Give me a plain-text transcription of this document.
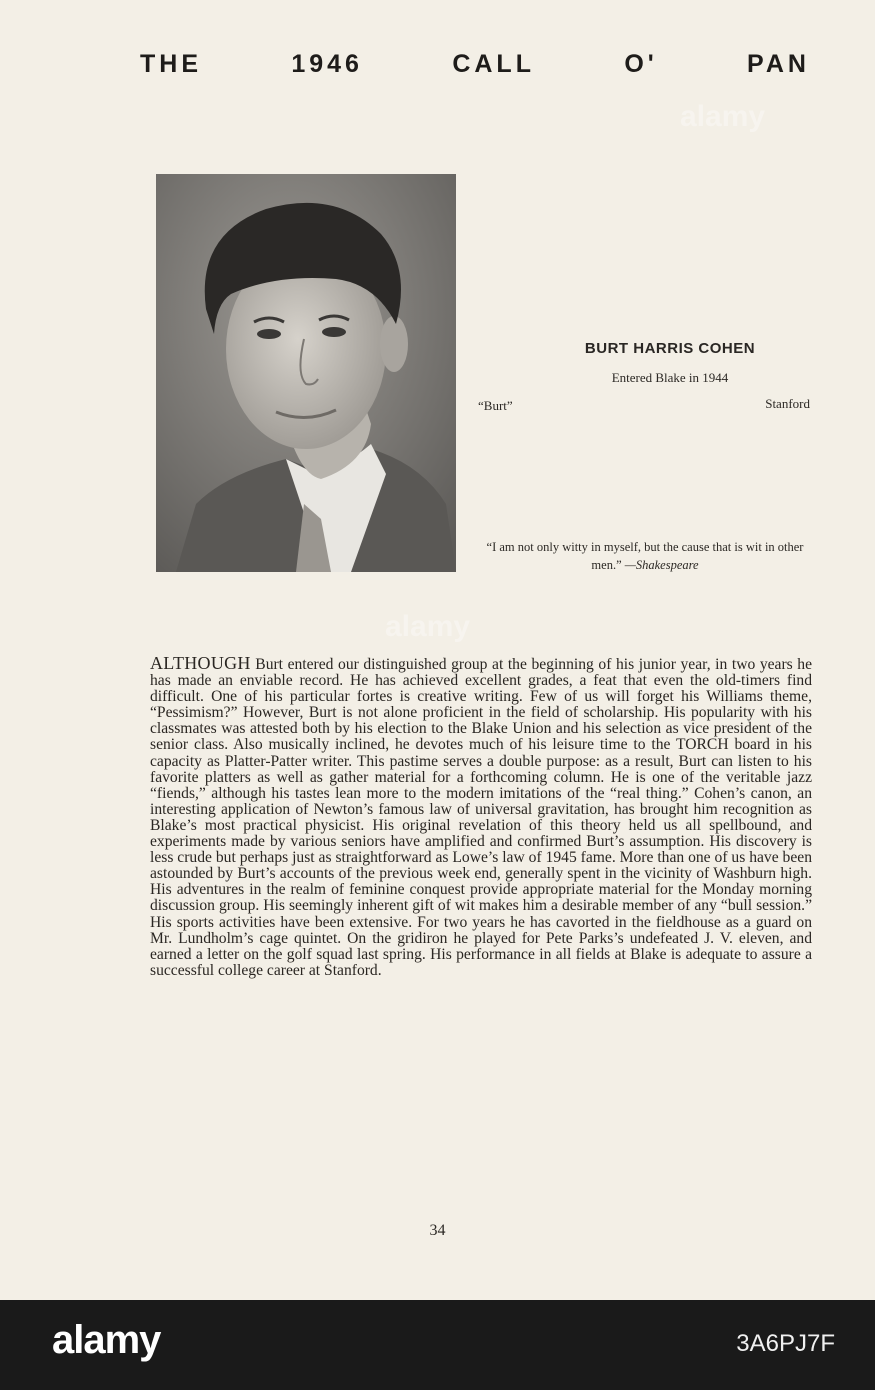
THE	1946	CALL	O'	PAN
BURT HARRIS COHEN
Entered Blake in 1944
“Burt”	Stanford
“I am not only witty in myself, but the cause that is wit in other men.” —Shakespeare
ALTHOUGH Burt entered our distinguished group at the beginning of his junior year, in two years he has made an enviable record. He has achieved excellent grades, a feat that even the old-timers find difficult. One of his particular fortes is creative writing. Few of us will forget his Williams theme, “Pessimism?” However, Burt is not alone proficient in the field of scholarship. His popularity with his classmates was attested both by his election to the Blake Union and his selection as vice president of the senior class. Also musically inclined, he devotes much of his leisure time to the TORCH board in his capacity as Platter-Patter writer. This pastime serves a double purpose: as a result, Burt can listen to his favorite platters as well as gather material for a forthcoming column. He is one of the veritable jazz “fiends,” although his tastes lean more to the modern imitations of the “real thing.” Cohen’s canon, an interesting application of Newton’s famous law of universal gravitation, has brought him recognition as Blake’s most practical physicist. His original revelation of this theory held us all spellbound, and experiments made by various seniors have amplified and confirmed Burt’s assumption. His discovery is less crude but perhaps just as straightforward as Lowe’s law of 1945 fame. More than one of us have been astounded by Burt’s accounts of the previous week end, generally spent in the vicinity of Washburn high. His adventures in the realm of feminine conquest provide appropriate material for the Monday morning discussion group. His seemingly inherent gift of wit makes him a desirable member of any “bull session.” His sports activities have been extensive. For two years he has cavorted in the fieldhouse as a guard on Mr. Lundholm’s cage quintet. On the gridiron he played for Pete Parks’s undefeated J. V. eleven, and earned a letter on the golf squad last spring. His performance in all fields at Blake is adequate to assure a successful college career at Stanford.
34
alamy
alamy
alamy	3A6PJ7F
